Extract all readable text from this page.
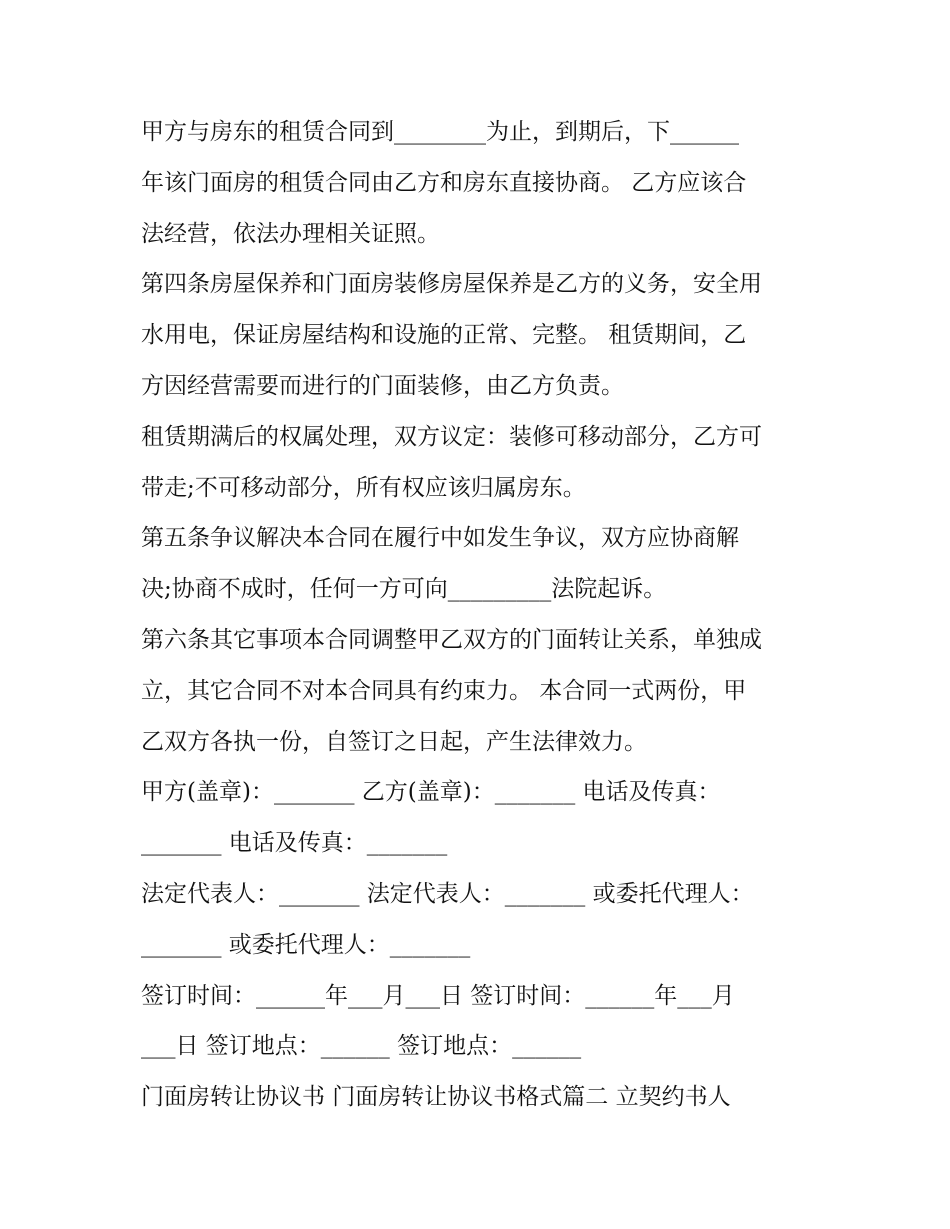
甲方与房东的租赁合同到________为止，到期后，下______
年该门面房的租赁合同由乙方和房东直接协商。 乙方应该合
法经营，依法办理相关证照。
第四条房屋保养和门面房装修房屋保养是乙方的义务，安全用
水用电，保证房屋结构和设施的正常、完整。 租赁期间，乙
方因经营需要而进行的门面装修，由乙方负责。
租赁期满后的权属处理，双方议定：装修可移动部分，乙方可
带走;不可移动部分，所有权应该归属房东。
第五条争议解决本合同在履行中如发生争议，双方应协商解
决;协商不成时，任何一方可向_________法院起诉。
第六条其它事项本合同调整甲乙双方的门面转让关系，单独成
立，其它合同不对本合同具有约束力。 本合同一式两份，甲
乙双方各执一份，自签订之日起，产生法律效力。
甲方(盖章)：_______ 乙方(盖章)：_______ 电话及传真：
_______ 电话及传真：_______
法定代表人：_______ 法定代表人：_______ 或委托代理人：
_______ 或委托代理人：_______
签订时间：______年___月___日 签订时间：______年___月
___日 签订地点：______ 签订地点：______
门面房转让协议书 门面房转让协议书格式篇二 立契约书人
